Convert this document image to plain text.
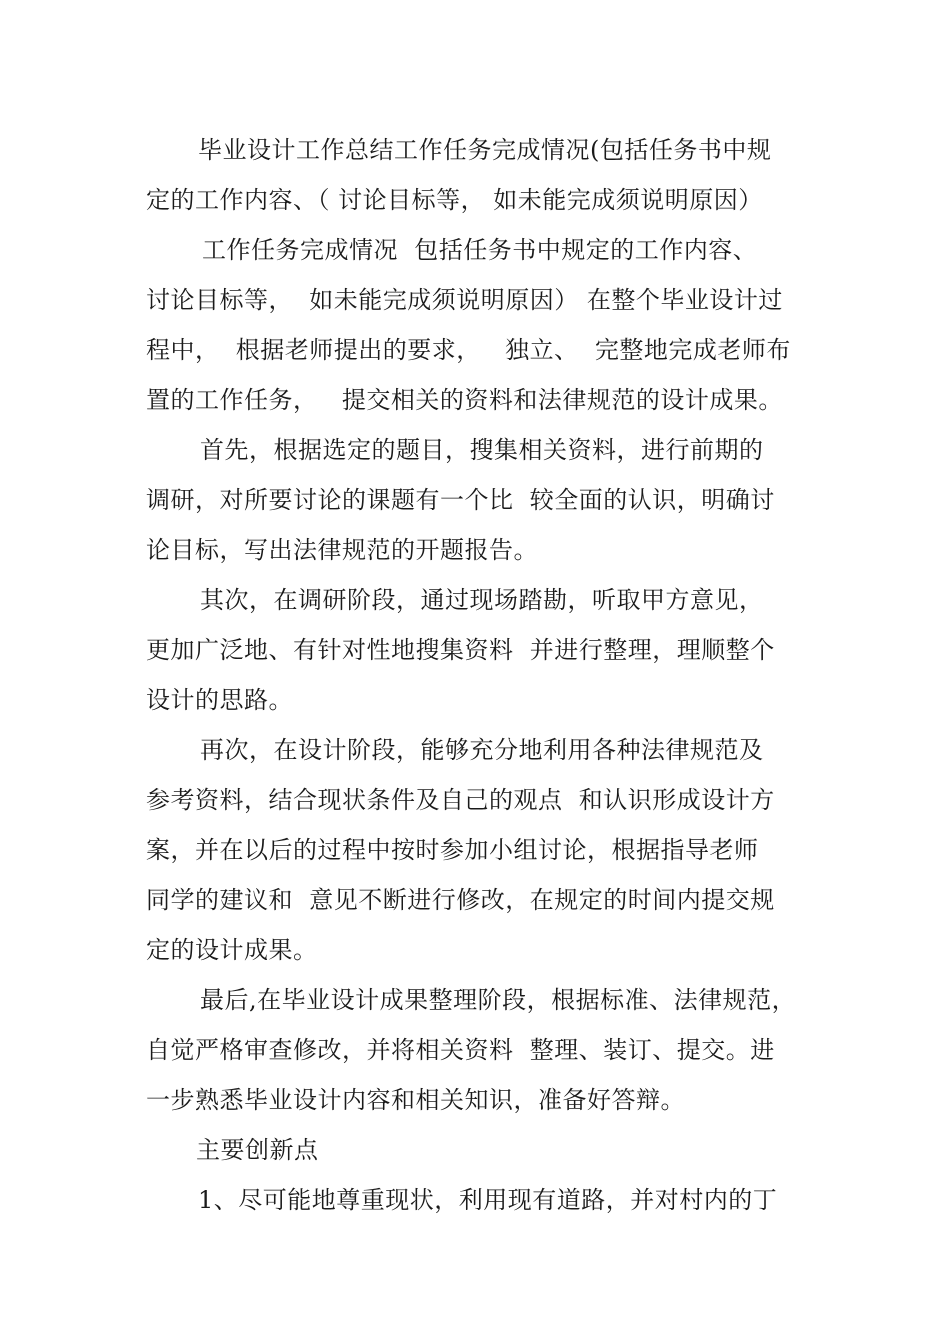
毕业设计工作总结工作任务完成情况(包括任务书中规

定的工作内容、（ 讨论目标等， 如未能完成须说明原因）

工作任务完成情况  包括任务书中规定的工作内容、

讨论目标等，  如未能完成须说明原因） 在整个毕业设计过

程中，  根据老师提出的要求，   独立、  完整地完成老师布

置的工作任务，   提交相关的资料和法律规范的设计成果。

首先，根据选定的题目，搜集相关资料，进行前期的

调研，对所要讨论的课题有一个比  较全面的认识，明确讨

论目标，写出法律规范的开题报告。

其次，在调研阶段，通过现场踏勘，听取甲方意见，

更加广泛地、有针对性地搜集资料  并进行整理，理顺整个

设计的思路。

再次，在设计阶段，能够充分地利用各种法律规范及

参考资料，结合现状条件及自己的观点  和认识形成设计方

案，并在以后的过程中按时参加小组讨论，根据指导老师

同学的建议和  意见不断进行修改，在规定的时间内提交规

定的设计成果。

最后,在毕业设计成果整理阶段，根据标准、法律规范，

自觉严格审查修改，并将相关资料  整理、装订、提交。进

一步熟悉毕业设计内容和相关知识，准备好答辩。

主要创新点

1、尽可能地尊重现状，利用现有道路，并对村内的丁
